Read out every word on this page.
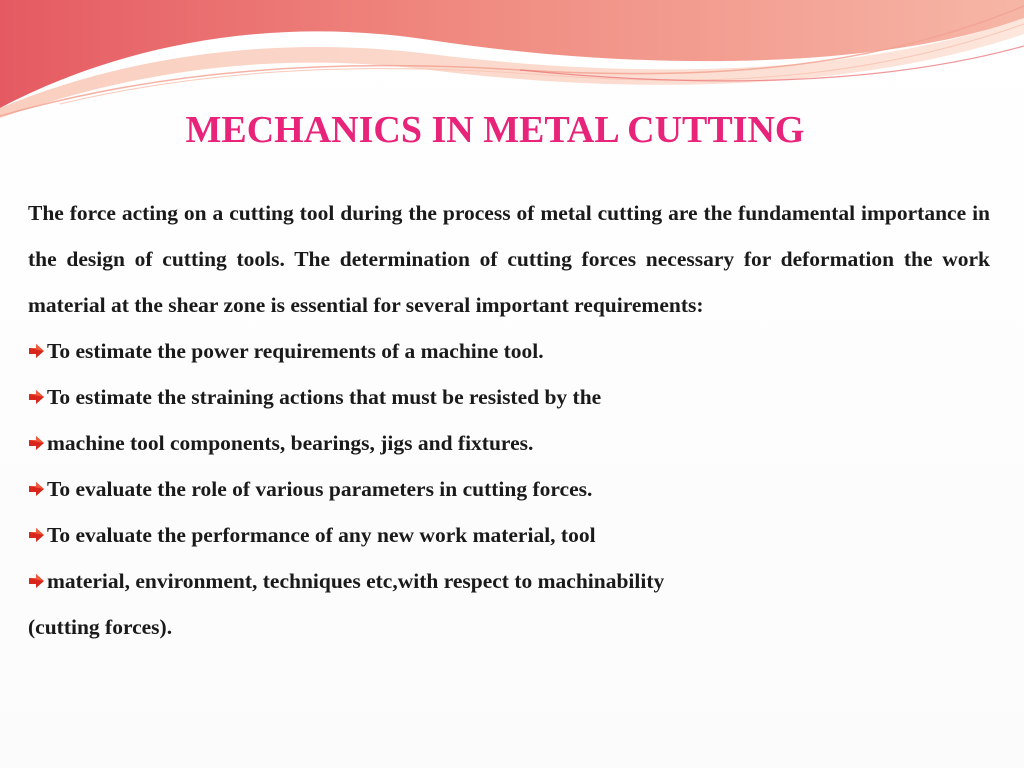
MECHANICS IN METAL CUTTING

The force acting on a cutting tool during the process of metal cutting are the fundamental importance in the design of cutting tools. The determination of cutting forces necessary for deformation the work material at the shear zone is essential for several important requirements:

To estimate the power requirements of a machine tool.
To estimate the straining actions that must be resisted by the
machine tool components, bearings, jigs and fixtures.
To evaluate the role of various parameters in cutting forces.
To evaluate the performance of any new work material, tool
material, environment, techniques etc,with respect to machinability

(cutting forces).
